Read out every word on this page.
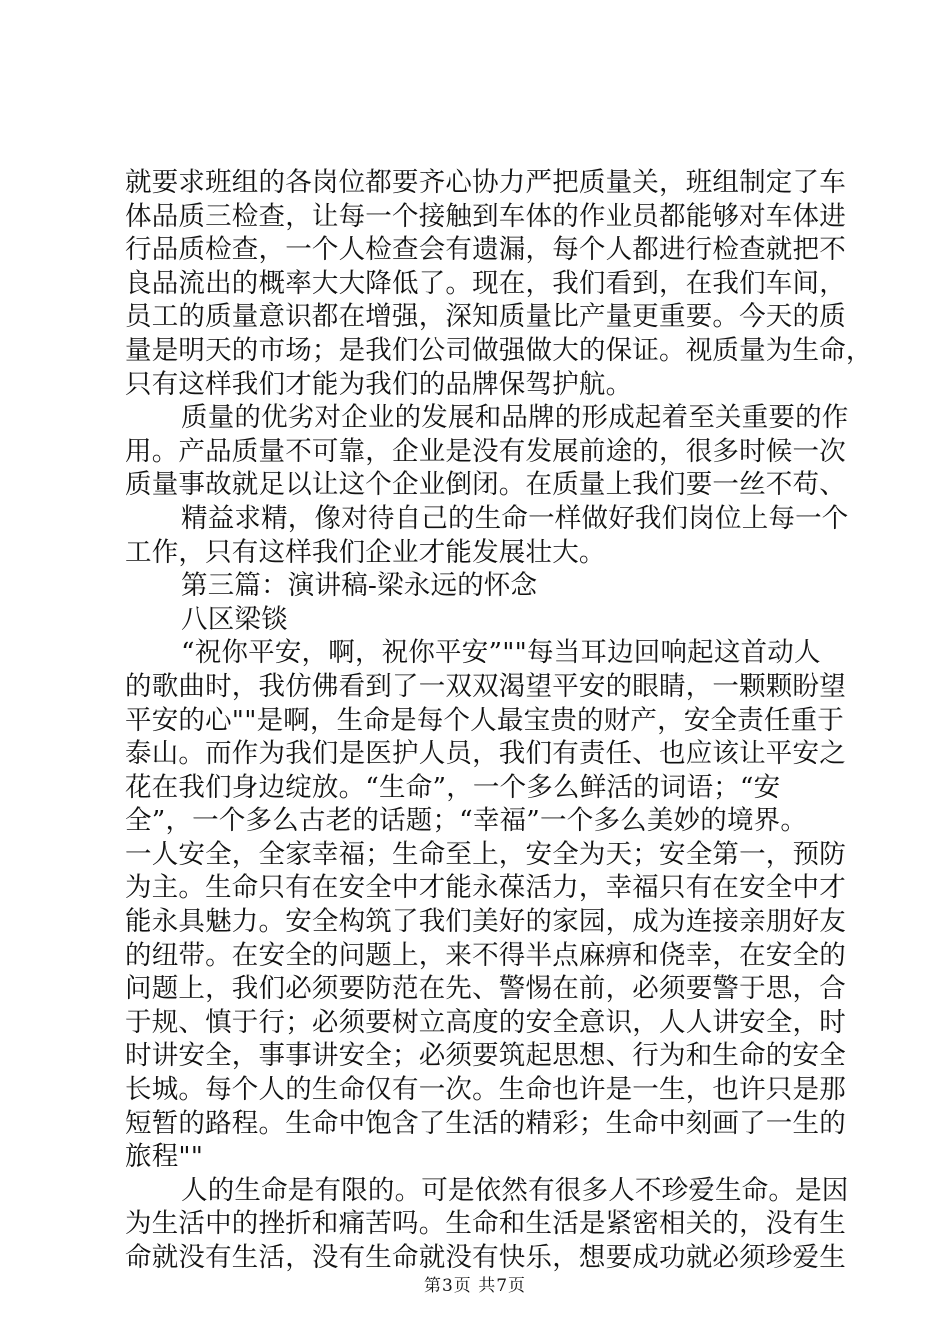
就要求班组的各岗位都要齐心协力严把质量关，班组制定了车
体品质三检查，让每一个接触到车体的作业员都能够对车体进
行品质检查，一个人检查会有遗漏，每个人都进行检查就把不
良品流出的概率大大降低了。现在，我们看到，在我们车间，
员工的质量意识都在增强，深知质量比产量更重要。今天的质
量是明天的市场；是我们公司做强做大的保证。视质量为生命，
只有这样我们才能为我们的品牌保驾护航。
质量的优劣对企业的发展和品牌的形成起着至关重要的作
用。产品质量不可靠，企业是没有发展前途的，很多时候一次
质量事故就足以让这个企业倒闭。在质量上我们要一丝不苟、
精益求精，像对待自己的生命一样做好我们岗位上每一个
工作，只有这样我们企业才能发展壮大。
第三篇：演讲稿-梁永远的怀念
八区梁锬
“祝你平安，啊，祝你平安”""每当耳边回响起这首动人
的歌曲时，我仿佛看到了一双双渴望平安的眼睛，一颗颗盼望
平安的心""是啊，生命是每个人最宝贵的财产，安全责任重于
泰山。而作为我们是医护人员，我们有责任、也应该让平安之
花在我们身边绽放。“生命”，一个多么鲜活的词语；“安
全”，一个多么古老的话题；“幸福”一个多么美妙的境界。
一人安全，全家幸福；生命至上，安全为天；安全第一，预防
为主。生命只有在安全中才能永葆活力，幸福只有在安全中才
能永具魅力。安全构筑了我们美好的家园，成为连接亲朋好友
的纽带。在安全的问题上，来不得半点麻痹和侥幸，在安全的
问题上，我们必须要防范在先、警惕在前，必须要警于思，合
于规、慎于行；必须要树立高度的安全意识，人人讲安全，时
时讲安全，事事讲安全；必须要筑起思想、行为和生命的安全
长城。每个人的生命仅有一次。生命也许是一生，也许只是那
短暂的路程。生命中饱含了生活的精彩；生命中刻画了一生的
旅程""
人的生命是有限的。可是依然有很多人不珍爱生命。是因
为生活中的挫折和痛苦吗。生命和生活是紧密相关的，没有生
命就没有生活，没有生命就没有快乐，想要成功就必须珍爱生
第3页 共7页
